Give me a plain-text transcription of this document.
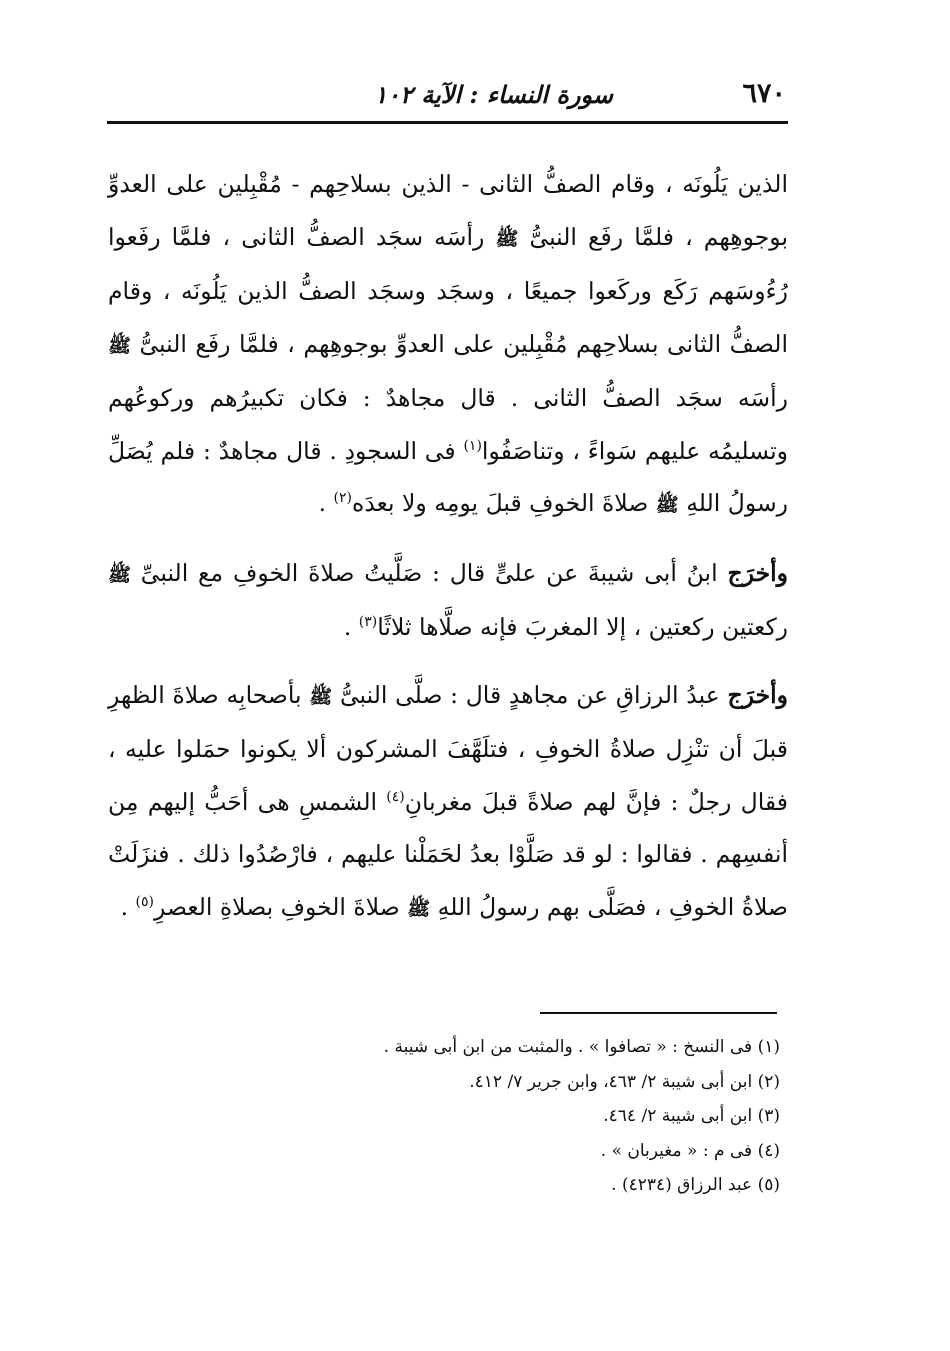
٦٧٠
سورة النساء : الآية ١٠٢

الذين يَلُونَه ، وقام الصفُّ الثانى - الذين بسلاحِهم - مُقْبِلين على العدوِّ بوجوهِهم ، فلمَّا رفَع النبىُّ ﷺ رأسَه سجَد الصفُّ الثانى ، فلمَّا رفَعوا رُءُوسَهم رَكَع وركَعوا جميعًا ، وسجَد وسجَد الصفُّ الذين يَلُونَه ، وقام الصفُّ الثانى بسلاحِهم مُقْبِلين على العدوِّ بوجوهِهم ، فلمَّا رفَع النبىُّ ﷺ رأسَه سجَد الصفُّ الثانى . قال مجاهدٌ : فكان تكبيرُهم وركوعُهم وتسليمُه عليهم سَواءً ، وتناصَفُوا$^{(١)}$ فى السجودِ . قال مجاهدٌ : فلم يُصَلِّ رسولُ اللهِ ﷺ صلاةَ الخوفِ قبلَ يومِه ولا بعدَه$^{(٢)}$ .

وأخرَج ابنُ أبى شيبةَ عن علىٍّ قال : صَلَّيتُ صلاةَ الخوفِ مع النبىِّ ﷺ ركعتين ركعتين ، إلا المغربَ فإنه صلَّاها ثلاثًا$^{(٣)}$ .

وأخرَج عبدُ الرزاقِ عن مجاهدٍ قال : صلَّى النبىُّ ﷺ بأصحابِه صلاةَ الظهرِ قبلَ أن تنْزِل صلاةُ الخوفِ ، فتلَهَّفَ المشركون ألا يكونوا حمَلوا عليه ، فقال رجلٌ : فإنَّ لهم صلاةً قبلَ مغربانِ$^{(٤)}$ الشمسِ هى أحَبُّ إليهم مِن أنفسِهم . فقالوا : لو قد صَلَّوْا بعدُ لحَمَلْنا عليهم ، فارْصُدُوا ذلك . فنزَلَتْ صلاةُ الخوفِ ، فصَلَّى بهم رسولُ اللهِ ﷺ صلاةَ الخوفِ بصلاةِ العصرِ$^{(٥)}$ .

(١) فى النسخ : « تصافوا » . والمثبت من ابن أبى شيبة .
(٢) ابن أبى شيبة ٢/ ٤٦٣، وابن جرير ٧/ ٤١٢.
(٣) ابن أبى شيبة ٢/ ٤٦٤.
(٤) فى م : « مغيربان » .
(٥) عبد الرزاق (٤٢٣٤) .
